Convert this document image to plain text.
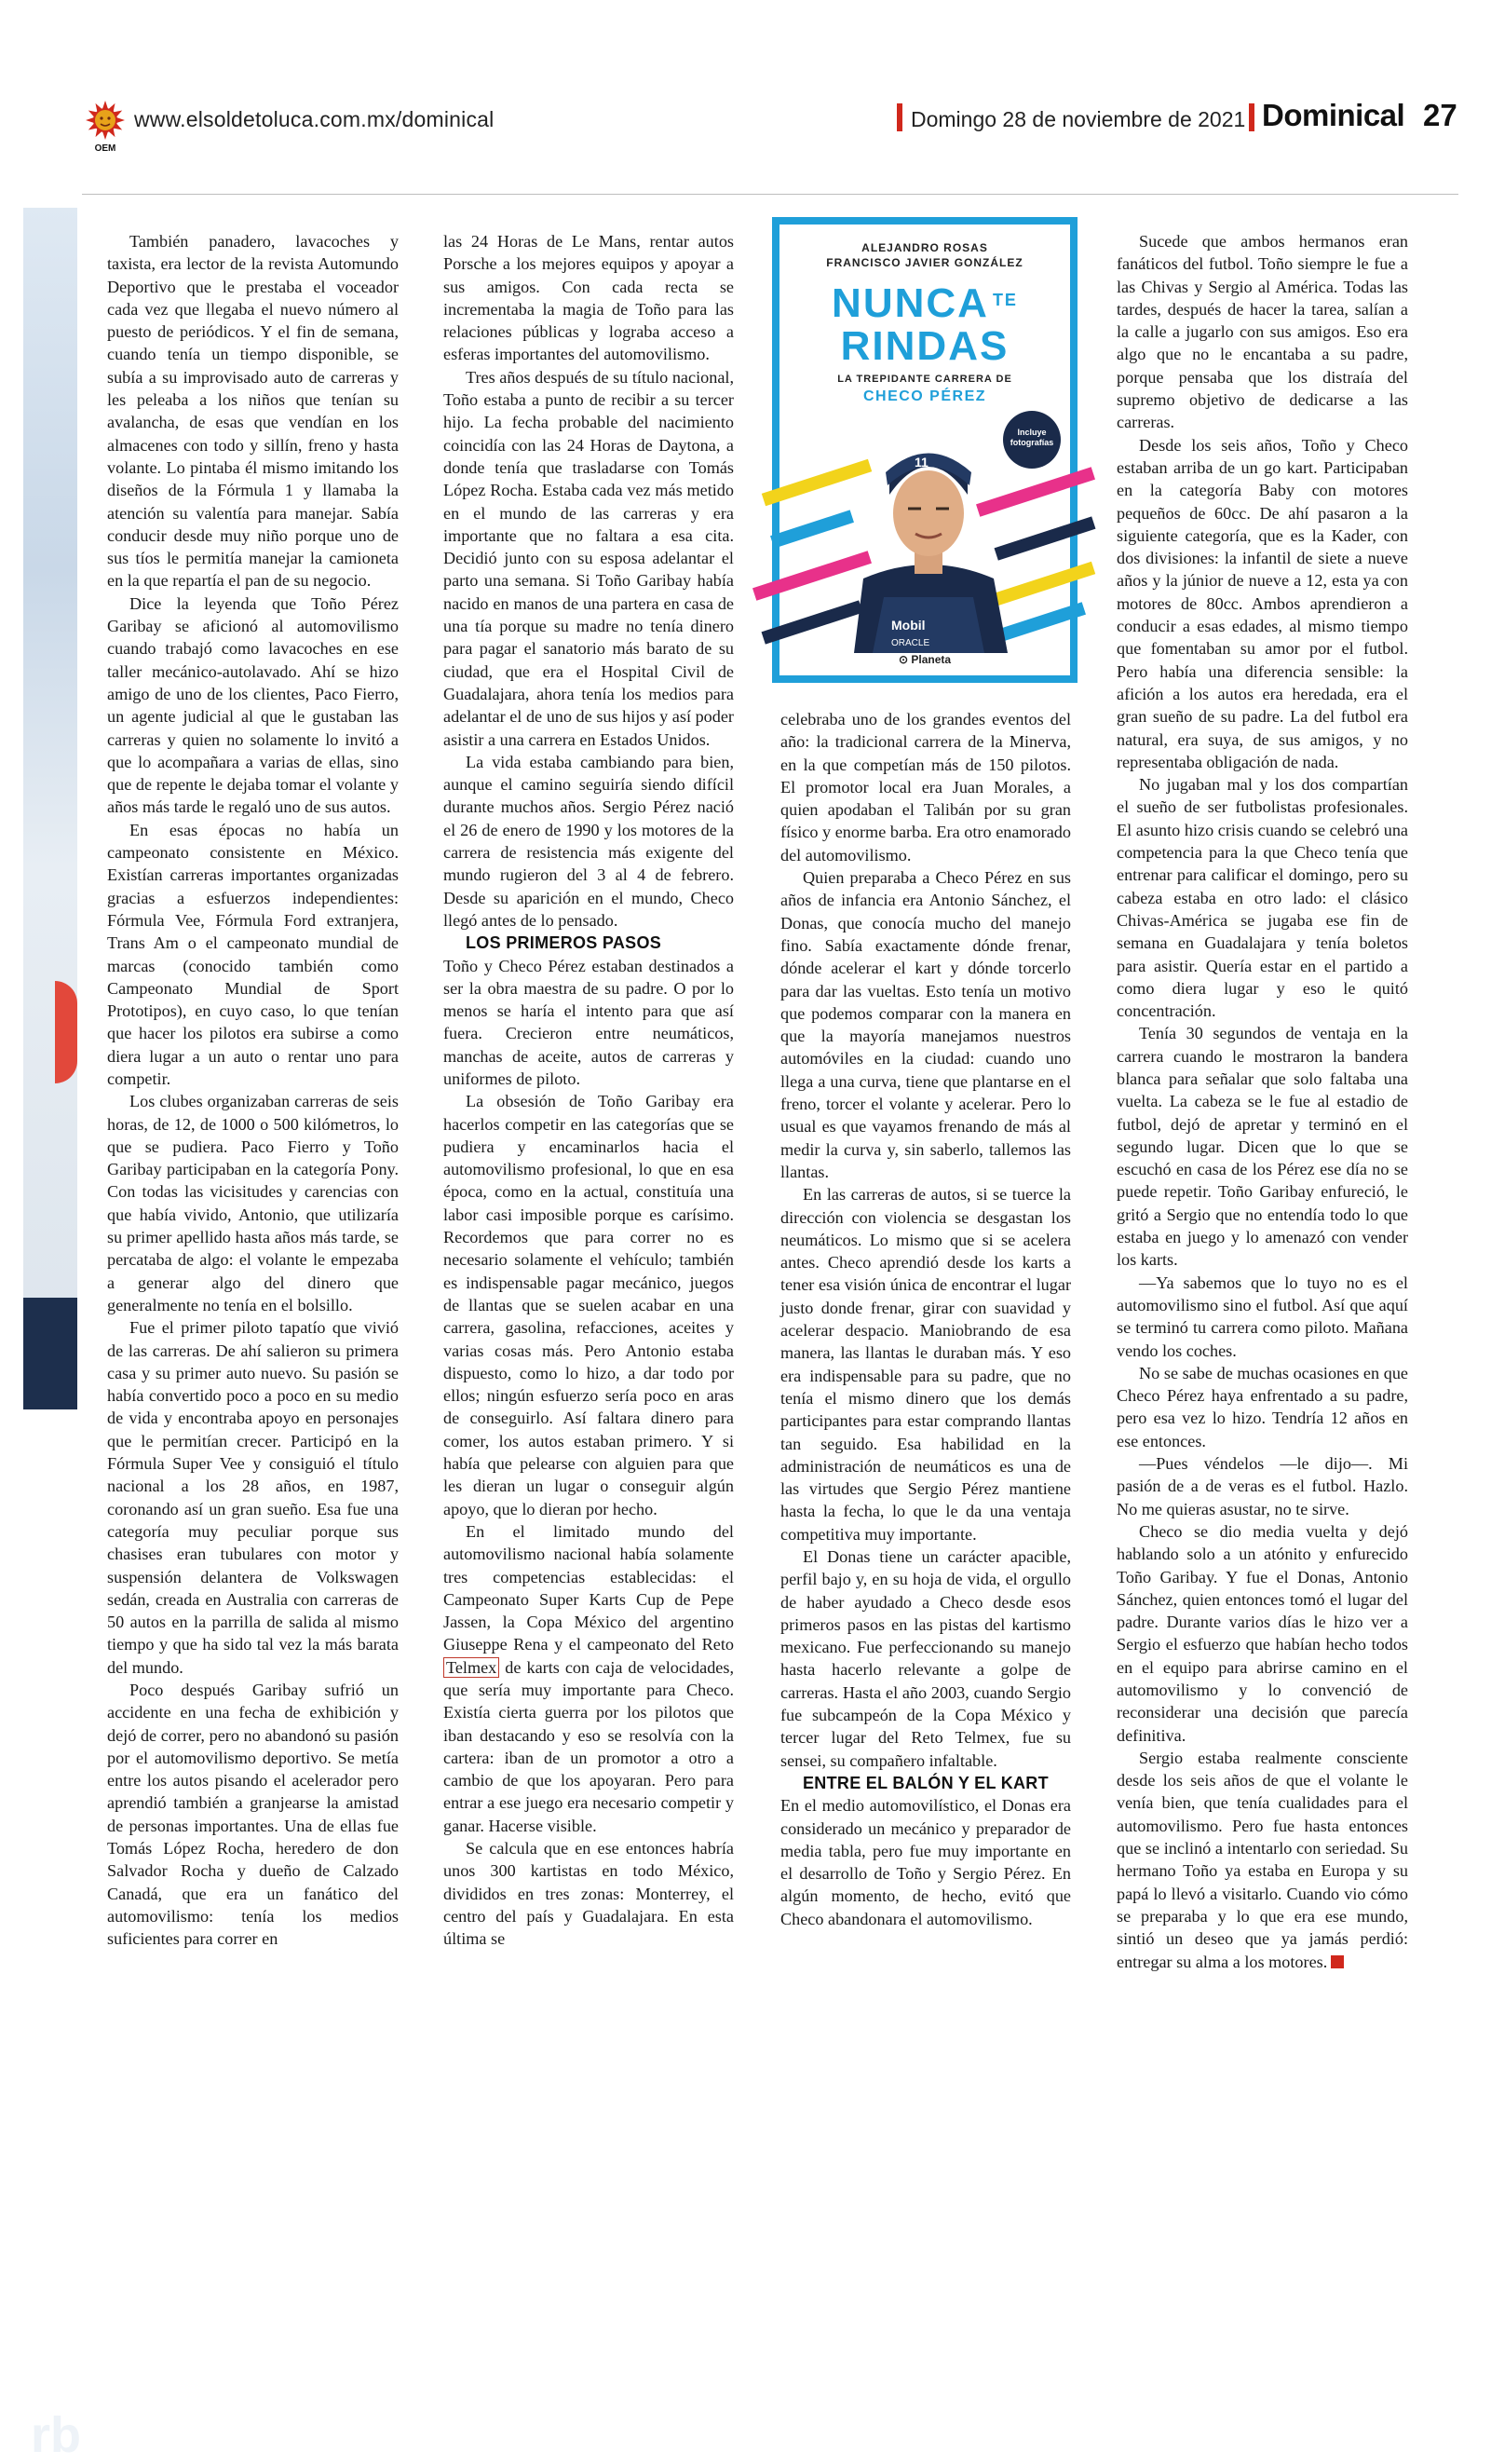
OEM
www.elsoldetoluca.com.mx/dominical	Domingo 28 de noviembre de 2021 Dominical 27
rb

También panadero, lavacoches y taxista, era lector de la revista Automundo Deportivo que le prestaba el voceador cada vez que llegaba el nuevo número al puesto de periódicos. Y el fin de semana, cuando tenía un tiempo disponible, se subía a su improvisado auto de carreras y les peleaba a los niños que tenían su avalancha, de esas que vendían en los almacenes con todo y sillín, freno y hasta volante. Lo pintaba él mismo imitando los diseños de la Fórmula 1 y llamaba la atención su valentía para manejar. Sabía conducir desde muy niño porque uno de sus tíos le permitía manejar la camioneta en la que repartía el pan de su negocio.

Dice la leyenda que Toño Pérez Garibay se aficionó al automovilismo cuando trabajó como lavacoches en ese taller mecánico-autolavado. Ahí se hizo amigo de uno de los clientes, Paco Fierro, un agente judicial al que le gustaban las carreras y quien no solamente lo invitó a que lo acompañara a varias de ellas, sino que de repente le dejaba tomar el volante y años más tarde le regaló uno de sus autos.

En esas épocas no había un campeonato consistente en México. Existían carreras importantes organizadas gracias a esfuerzos independientes: Fórmula Vee, Fórmula Ford extranjera, Trans Am o el campeonato mundial de marcas (conocido también como Campeonato Mundial de Sport Prototipos), en cuyo caso, lo que tenían que hacer los pilotos era subirse a como diera lugar a un auto o rentar uno para competir.

Los clubes organizaban carreras de seis horas, de 12, de 1000 o 500 kilómetros, lo que se pudiera. Paco Fierro y Toño Garibay participaban en la categoría Pony. Con todas las vicisitudes y carencias con que había vivido, Antonio, que utilizaría su primer apellido hasta años más tarde, se percataba de algo: el volante le empezaba a generar algo del dinero que generalmente no tenía en el bolsillo.

Fue el primer piloto tapatío que vivió de las carreras. De ahí salieron su primera casa y su primer auto nuevo. Su pasión se había convertido poco a poco en su medio de vida y encontraba apoyo en personajes que le permitían crecer. Participó en la Fórmula Super Vee y consiguió el título nacional a los 28 años, en 1987, coronando así un gran sueño. Esa fue una categoría muy peculiar porque sus chasises eran tubulares con motor y suspensión delantera de Volkswagen sedán, creada en Australia con carreras de 50 autos en la parrilla de salida al mismo tiempo y que ha sido tal vez la más barata del mundo.

Poco después Garibay sufrió un accidente en una fecha de exhibición y dejó de correr, pero no abandonó su pasión por el automovilismo deportivo. Se metía entre los autos pisando el acelerador pero aprendió también a granjearse la amistad de personas importantes. Una de ellas fue Tomás López Rocha, heredero de don Salvador Rocha y dueño de Calzado Canadá, que era un fanático del automovilismo: tenía los medios suficientes para correr en

las 24 Horas de Le Mans, rentar autos Porsche a los mejores equipos y apoyar a sus amigos. Con cada recta se incrementaba la magia de Toño para las relaciones públicas y lograba acceso a esferas importantes del automovilismo.

Tres años después de su título nacional, Toño estaba a punto de recibir a su tercer hijo. La fecha probable del nacimiento coincidía con las 24 Horas de Daytona, a donde tenía que trasladarse con Tomás López Rocha. Estaba cada vez más metido en el mundo de las carreras y era importante que no faltara a esa cita. Decidió junto con su esposa adelantar el parto una semana. Si Toño Garibay había nacido en manos de una partera en casa de una tía porque su madre no tenía dinero para pagar el sanatorio más barato de su ciudad, que era el Hospital Civil de Guadalajara, ahora tenía los medios para adelantar el de uno de sus hijos y así poder asistir a una carrera en Estados Unidos.

La vida estaba cambiando para bien, aunque el camino seguiría siendo difícil durante muchos años. Sergio Pérez nació el 26 de enero de 1990 y los motores de la carrera de resistencia más exigente del mundo rugieron del 3 al 4 de febrero. Desde su aparición en el mundo, Checo llegó antes de lo pensado.

LOS PRIMEROS PASOS

Toño y Checo Pérez estaban destinados a ser la obra maestra de su padre. O por lo menos se haría el intento para que así fuera. Crecieron entre neumáticos, manchas de aceite, autos de carreras y uniformes de piloto.

La obsesión de Toño Garibay era hacerlos competir en las categorías que se pudiera y encaminarlos hacia el automovilismo profesional, lo que en esa época, como en la actual, constituía una labor casi imposible porque es carísimo. Recordemos que para correr no es necesario solamente el vehículo; también es indispensable pagar mecánico, juegos de llantas que se suelen acabar en una carrera, gasolina, refacciones, aceites y varias cosas más. Pero Antonio estaba dispuesto, como lo hizo, a dar todo por ellos; ningún esfuerzo sería poco en aras de conseguirlo. Así faltara dinero para comer, los autos estaban primero. Y si había que pelearse con alguien para que les dieran un lugar o conseguir algún apoyo, que lo dieran por hecho.

En el limitado mundo del automovilismo nacional había solamente tres competencias establecidas: el Campeonato Super Karts Cup de Pepe Jassen, la Copa México del argentino Giuseppe Rena y el campeonato del Reto Telmex de karts con caja de velocidades, que sería muy importante para Checo. Existía cierta guerra por los pilotos que iban destacando y eso se resolvía con la cartera: iban de un promotor a otro a cambio de que los apoyaran. Pero para entrar a ese juego era necesario competir y ganar. Hacerse visible.

Se calcula que en ese entonces habría unos 300 kartistas en todo México, divididos en tres zonas: Monterrey, el centro del país y Guadalajara. En esta última se

ALEJANDRO ROSAS
FRANCISCO JAVIER GONZÁLEZ
NUNCA $^{TE}$
RINDAS
LA TREPIDANTE CARRERA DE
CHECO PÉREZ
Mobil
ORACLE
11
Incluye fotografías
⊙ Planeta

celebraba uno de los grandes eventos del año: la tradicional carrera de la Minerva, en la que competían más de 150 pilotos. El promotor local era Juan Morales, a quien apodaban el Talibán por su gran físico y enorme barba. Era otro enamorado del automovilismo.

Quien preparaba a Checo Pérez en sus años de infancia era Antonio Sánchez, el Donas, que conocía mucho del manejo fino. Sabía exactamente dónde frenar, dónde acelerar el kart y dónde torcerlo para dar las vueltas. Esto tenía un motivo que podemos comparar con la manera en que la mayoría manejamos nuestros automóviles en la ciudad: cuando uno llega a una curva, tiene que plantarse en el freno, torcer el volante y acelerar. Pero lo usual es que vayamos frenando de más al medir la curva y, sin saberlo, tallemos las llantas.

En las carreras de autos, si se tuerce la dirección con violencia se desgastan los neumáticos. Lo mismo que si se acelera antes. Checo aprendió desde los karts a tener esa visión única de encontrar el lugar justo donde frenar, girar con suavidad y acelerar despacio. Maniobrando de esa manera, las llantas le duraban más. Y eso era indispensable para su padre, que no tenía el mismo dinero que los demás participantes para estar comprando llantas tan seguido. Esa habilidad en la administración de neumáticos es una de las virtudes que Sergio Pérez mantiene hasta la fecha, lo que le da una ventaja competitiva muy importante.

El Donas tiene un carácter apacible, perfil bajo y, en su hoja de vida, el orgullo de haber ayudado a Checo desde esos primeros pasos en las pistas del kartismo mexicano. Fue perfeccionando su manejo hasta hacerlo relevante a golpe de carreras. Hasta el año 2003, cuando Sergio fue subcampeón de la Copa México y tercer lugar del Reto Telmex, fue su sensei, su compañero infaltable.

ENTRE EL BALÓN Y EL KART

En el medio automovilístico, el Donas era considerado un mecánico y preparador de media tabla, pero fue muy importante en el desarrollo de Toño y Sergio Pérez. En algún momento, de hecho, evitó que Checo abandonara el automovilismo.

Sucede que ambos hermanos eran fanáticos del futbol. Toño siempre le fue a las Chivas y Sergio al América. Todas las tardes, después de hacer la tarea, salían a la calle a jugarlo con sus amigos. Eso era algo que no le encantaba a su padre, porque pensaba que los distraía del supremo objetivo de dedicarse a las carreras.

Desde los seis años, Toño y Checo estaban arriba de un go kart. Participaban en la categoría Baby con motores pequeños de 60cc. De ahí pasaron a la siguiente categoría, que es la Kader, con dos divisiones: la infantil de siete a nueve años y la júnior de nueve a 12, esta ya con motores de 80cc. Ambos aprendieron a conducir a esas edades, al mismo tiempo que fomentaban su amor por el futbol. Pero había una diferencia sensible: la afición a los autos era heredada, era el gran sueño de su padre. La del futbol era natural, era suya, de sus amigos, y no representaba obligación de nada.

No jugaban mal y los dos compartían el sueño de ser futbolistas profesionales. El asunto hizo crisis cuando se celebró una competencia para la que Checo tenía que entrenar para calificar el domingo, pero su cabeza estaba en otro lado: el clásico Chivas-América se jugaba ese fin de semana en Guadalajara y tenía boletos para asistir. Quería estar en el partido a como diera lugar y eso le quitó concentración.

Tenía 30 segundos de ventaja en la carrera cuando le mostraron la bandera blanca para señalar que solo faltaba una vuelta. La cabeza se le fue al estadio de futbol, dejó de apretar y terminó en el segundo lugar. Dicen que lo que se escuchó en casa de los Pérez ese día no se puede repetir. Toño Garibay enfureció, le gritó a Sergio que no entendía todo lo que estaba en juego y lo amenazó con vender los karts.

—Ya sabemos que lo tuyo no es el automovilismo sino el futbol. Así que aquí se terminó tu carrera como piloto. Mañana vendo los coches.

No se sabe de muchas ocasiones en que Checo Pérez haya enfrentado a su padre, pero esa vez lo hizo. Tendría 12 años en ese entonces.

—Pues véndelos —le dijo—. Mi pasión de a de veras es el futbol. Hazlo. No me quieras asustar, no te sirve.

Checo se dio media vuelta y dejó hablando solo a un atónito y enfurecido Toño Garibay. Y fue el Donas, Antonio Sánchez, quien entonces tomó el lugar del padre. Durante varios días le hizo ver a Sergio el esfuerzo que habían hecho todos en el equipo para abrirse camino en el automovilismo y lo convenció de reconsiderar una decisión que parecía definitiva.

Sergio estaba realmente consciente desde los seis años de que el volante le venía bien, que tenía cualidades para el automovilismo. Pero fue hasta entonces que se inclinó a intentarlo con seriedad. Su hermano Toño ya estaba en Europa y su papá lo llevó a visitarlo. Cuando vio cómo se preparaba y lo que era ese mundo, sintió un deseo que ya jamás perdió: entregar su alma a los motores.
